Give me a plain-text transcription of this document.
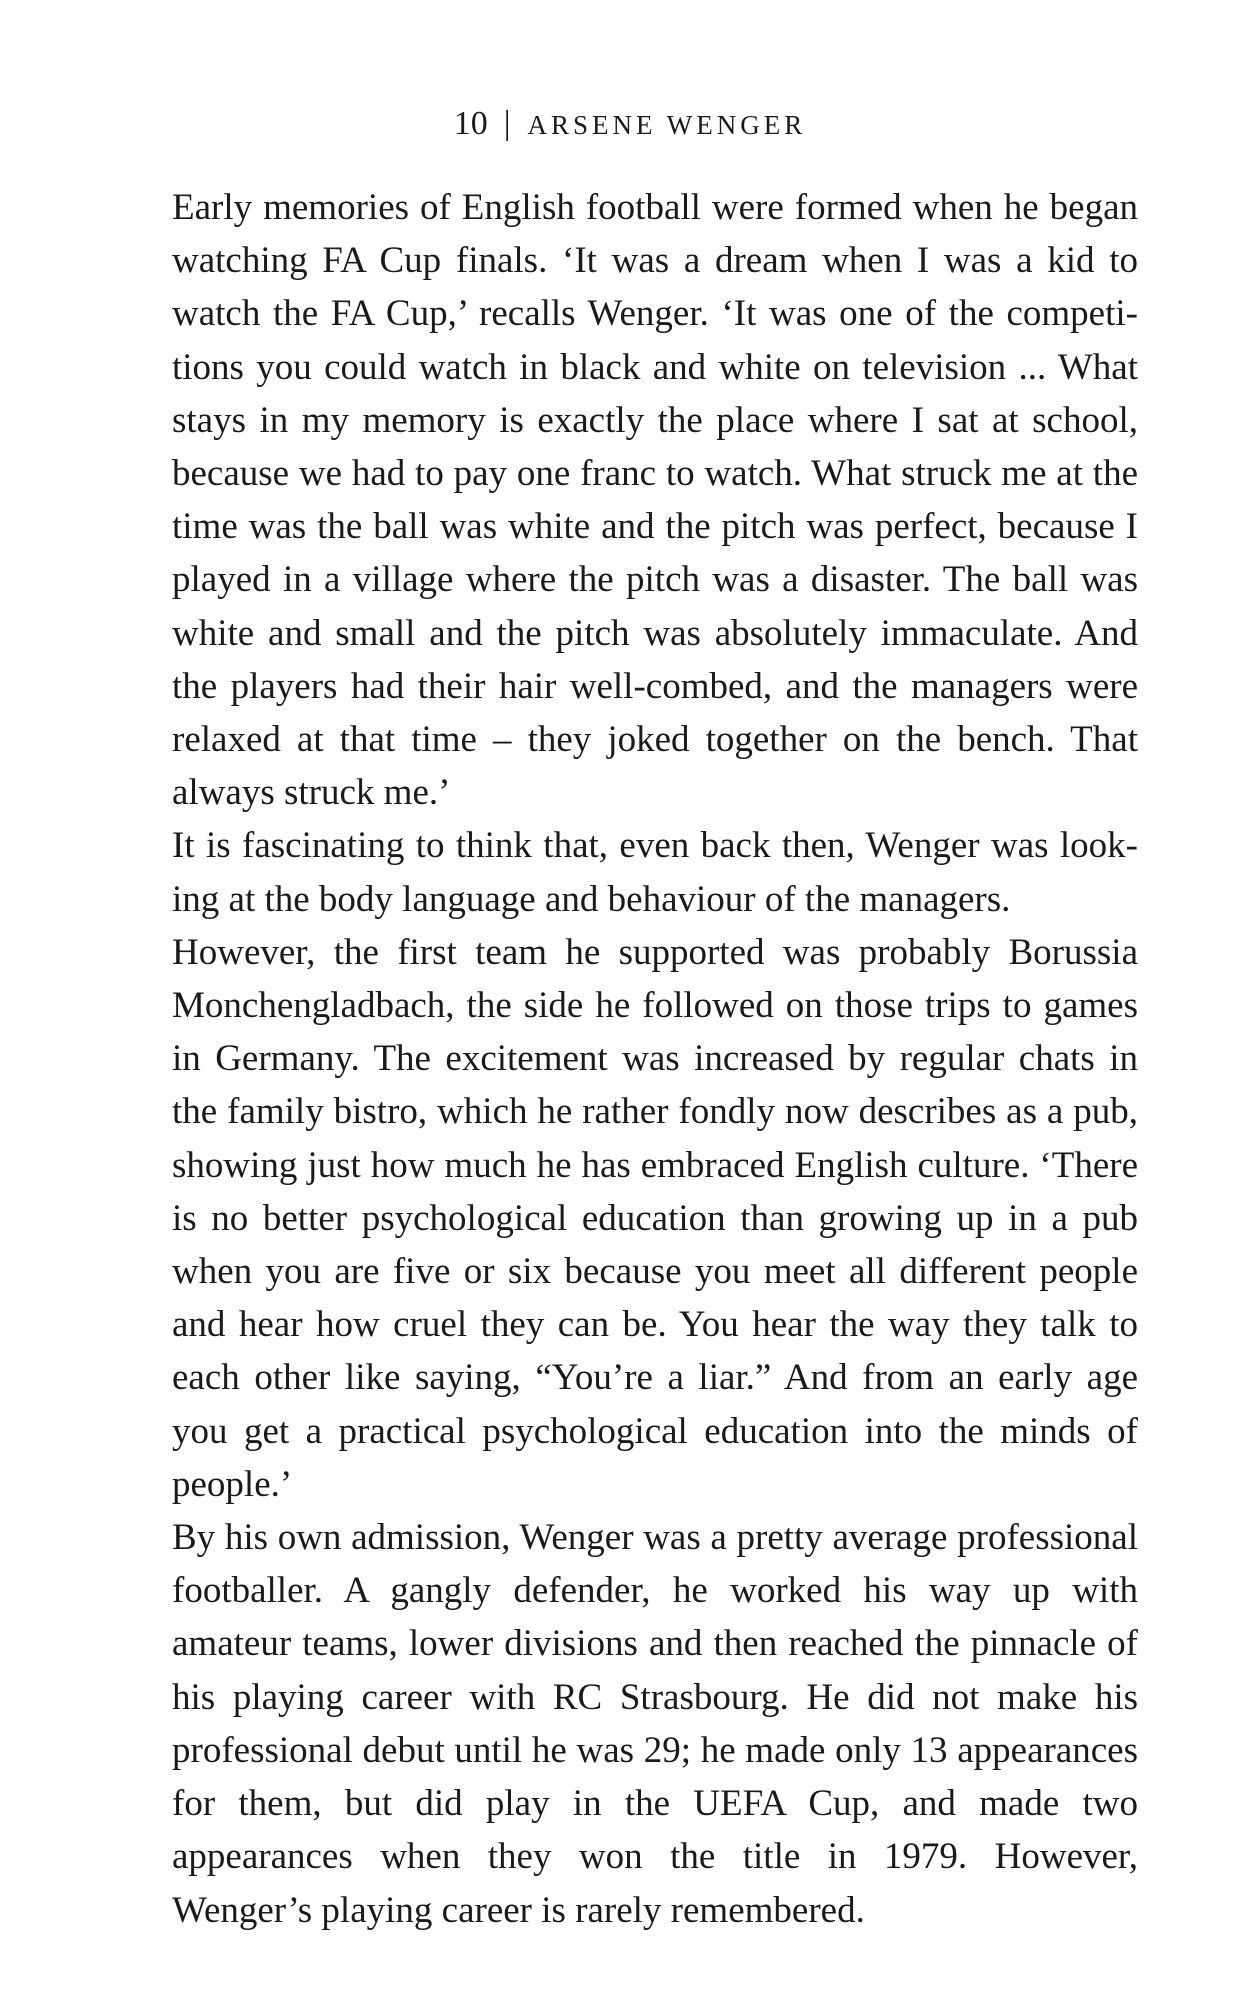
10 | ARSENE WENGER

Early memories of English football were formed when he began watching FA Cup finals. ‘It was a dream when I was a kid to watch the FA Cup,’ recalls Wenger. ‘It was one of the competitions you could watch in black and white on television ... What stays in my memory is exactly the place where I sat at school, because we had to pay one franc to watch. What struck me at the time was the ball was white and the pitch was perfect, because I played in a village where the pitch was a disaster. The ball was white and small and the pitch was absolutely immaculate. And the players had their hair well-combed, and the managers were relaxed at that time – they joked together on the bench. That always struck me.’

It is fascinating to think that, even back then, Wenger was looking at the body language and behaviour of the managers.

However, the first team he supported was probably Borussia Monchengladbach, the side he followed on those trips to games in Germany. The excitement was increased by regular chats in the family bistro, which he rather fondly now describes as a pub, showing just how much he has embraced English culture. ‘There is no better psychological education than growing up in a pub when you are five or six because you meet all different people and hear how cruel they can be. You hear the way they talk to each other like saying, “You’re a liar.” And from an early age you get a practical psychological education into the minds of people.’

By his own admission, Wenger was a pretty average professional footballer. A gangly defender, he worked his way up with amateur teams, lower divisions and then reached the pinnacle of his playing career with RC Strasbourg. He did not make his professional debut until he was 29; he made only 13 appearances for them, but did play in the UEFA Cup, and made two appearances when they won the title in 1979. However, Wenger’s playing career is rarely remembered.
